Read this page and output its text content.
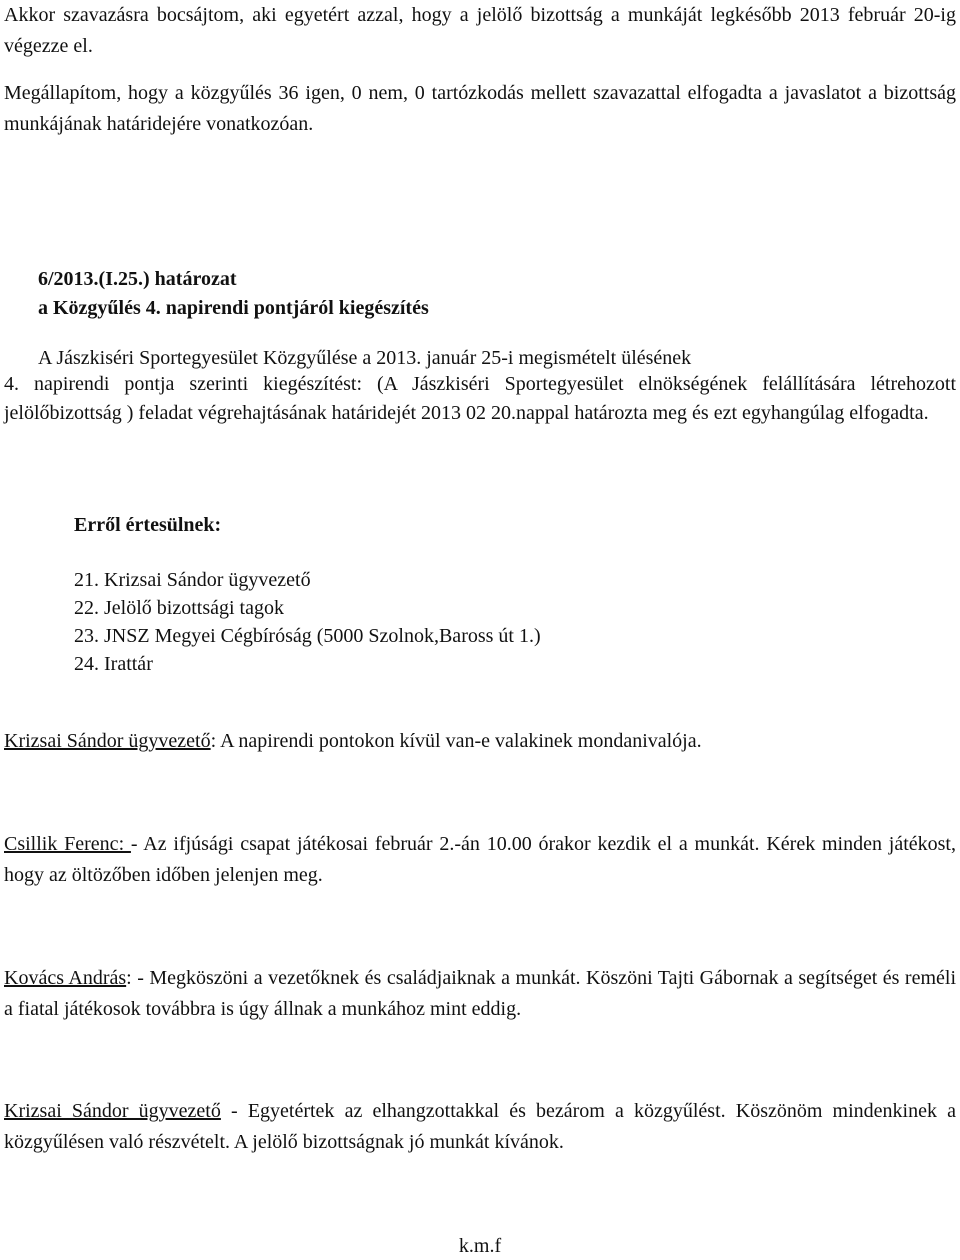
Akkor szavazásra bocsájtom, aki egyetért azzal, hogy a jelölő bizottság a munkáját legkésőbb 2013 február 20-ig végezze el.

Megállapítom, hogy a közgyűlés 36 igen, 0 nem, 0 tartózkodás mellett szavazattal elfogadta a javaslatot a bizottság munkájának határidejére vonatkozóan.

6/2013.(I.25.) határozat

a Közgyűlés 4. napirendi pontjáról kiegészítés

A Jászkiséri Sportegyesület Közgyűlése a 2013. január 25-i megismételt ülésének

4. napirendi pontja szerinti kiegészítést: (A Jászkiséri Sportegyesület elnökségének felállítására létrehozott jelölőbizottság ) feladat végrehajtásának határidejét 2013 02 20.nappal határozta meg és ezt egyhangúlag elfogadta.

Erről értesülnek:

21. Krizsai Sándor ügyvezető
22. Jelölő bizottsági tagok
23. JNSZ Megyei Cégbíróság (5000 Szolnok,Baross út 1.)
24. Irattár

Krizsai Sándor ügyvezető: A napirendi pontokon kívül van-e valakinek mondanivalója.

Csillik Ferenc: - Az ifjúsági csapat játékosai február 2.-án 10.00 órakor kezdik el a munkát. Kérek minden játékost, hogy az öltözőben időben jelenjen meg.

Kovács András: - Megköszöni a vezetőknek és családjaiknak a munkát. Köszöni Tajti Gábornak a segítséget és reméli a fiatal játékosok továbbra is úgy állnak a munkához mint eddig.

Krizsai Sándor ügyvezető - Egyetértek az elhangzottakkal és bezárom a közgyűlést. Köszönöm mindenkinek a közgyűlésen való részvételt. A jelölő bizottságnak jó munkát kívánok.

k.m.f
